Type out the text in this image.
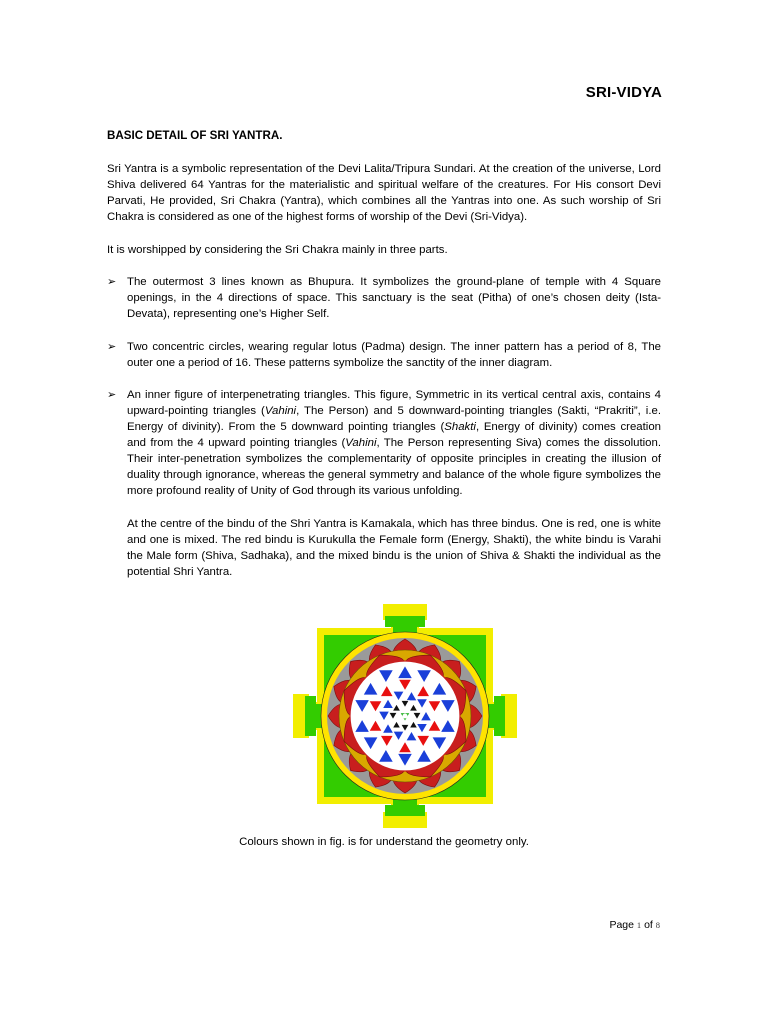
SRI-VIDYA
BASIC DETAIL OF SRI YANTRA.

Sri Yantra is a symbolic representation of the Devi Lalita/Tripura Sundari. At the creation of the universe, Lord Shiva delivered 64 Yantras for the materialistic and spiritual welfare of the creatures. For His consort Devi Parvati, He provided, Sri Chakra (Yantra), which combines all the Yantras into one. As such worship of Sri Chakra is considered as one of the highest forms of worship of the Devi (Sri-Vidya).

It is worshipped by considering the Sri Chakra mainly in three parts.

➢ The outermost 3 lines known as Bhupura. It symbolizes the ground-plane of temple with 4 Square openings, in the 4 directions of space. This sanctuary is the seat (Pitha) of one’s chosen deity (Ista-Devata), representing one’s Higher Self.
➢ Two concentric circles, wearing regular lotus (Padma) design. The inner pattern has a period of 8, The outer one a period of 16. These patterns symbolize the sanctity of the inner diagram.
➢ An inner figure of interpenetrating triangles. This figure, Symmetric in its vertical central axis, contains 4 upward-pointing triangles (Vahini, The Person) and 5 downward-pointing triangles (Sakti, “Prakriti”, i.e. Energy of divinity). From the 5 downward pointing triangles (Shakti, Energy of divinity) comes creation and from the 4 upward pointing triangles (Vahini, The Person representing Siva) comes the dissolution. Their inter-penetration symbolizes the complementarity of opposite principles in creating the illusion of duality through ignorance, whereas the general symmetry and balance of the whole figure symbolizes the more profound reality of Unity of God through its various unfolding.

At the centre of the bindu of the Shri Yantra is Kamakala, which has three bindus. One is red, one is white and one is mixed. The red bindu is Kurukulla the Female form (Energy, Shakti), the white bindu is Varahi the Male form (Shiva, Sadhaka), and the mixed bindu is the union of Shiva & Shakti the individual as the potential Shri Yantra.

Colours shown in fig. is for understand the geometry only.
Page 1 of 8
